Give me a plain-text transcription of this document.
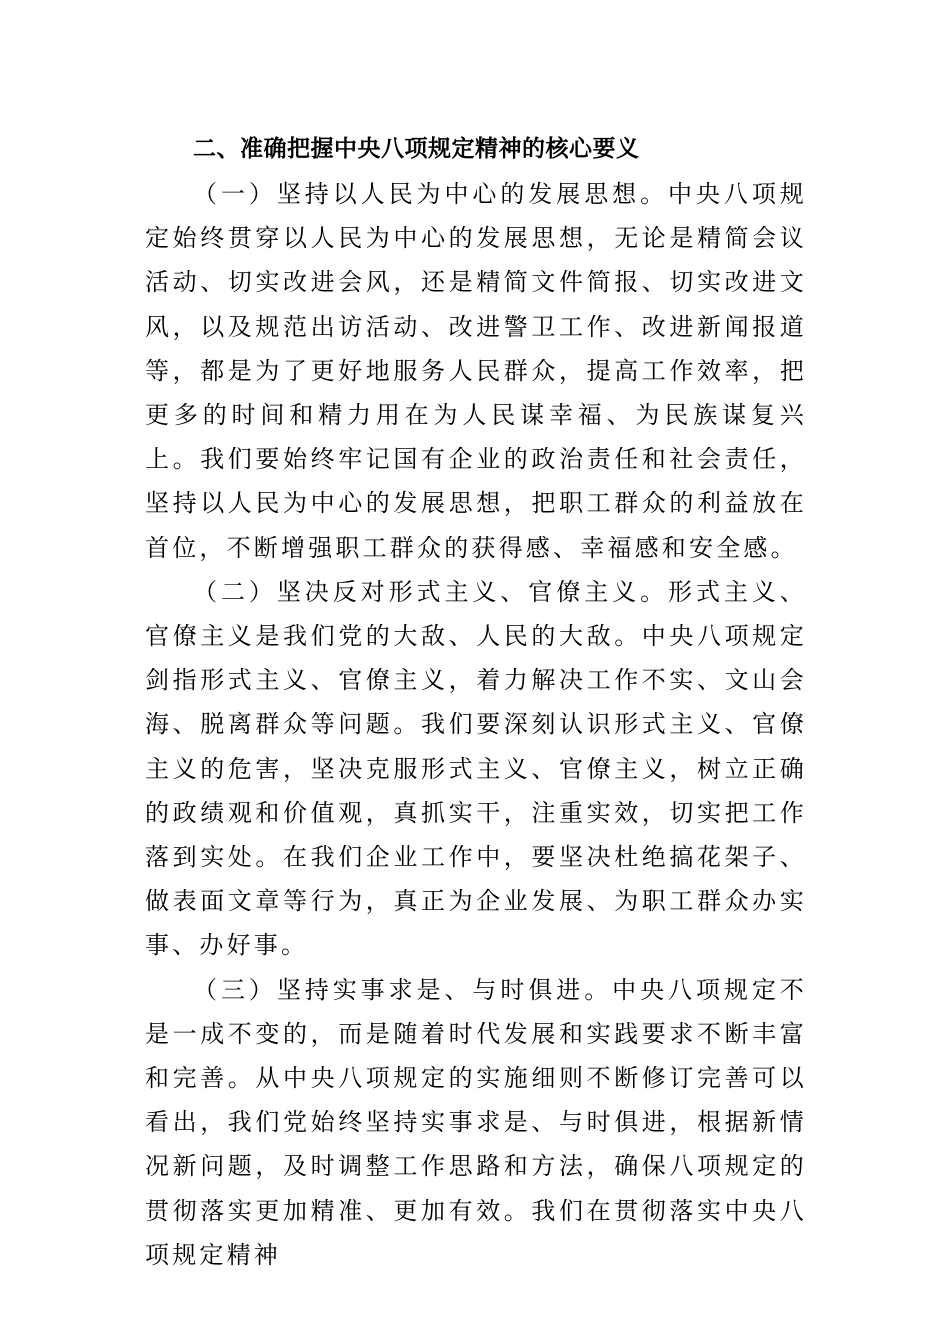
二、准确把握中央八项规定精神的核心要义

（一）坚持以人民为中心的发展思想。中央八项规定始终贯穿以人民为中心的发展思想，无论是精简会议活动、切实改进会风，还是精简文件简报、切实改进文风，以及规范出访活动、改进警卫工作、改进新闻报道等，都是为了更好地服务人民群众，提高工作效率，把更多的时间和精力用在为人民谋幸福、为民族谋复兴上。我们要始终牢记国有企业的政治责任和社会责任，坚持以人民为中心的发展思想，把职工群众的利益放在首位，不断增强职工群众的获得感、幸福感和安全感。

（二）坚决反对形式主义、官僚主义。形式主义、官僚主义是我们党的大敌、人民的大敌。中央八项规定剑指形式主义、官僚主义，着力解决工作不实、文山会海、脱离群众等问题。我们要深刻认识形式主义、官僚主义的危害，坚决克服形式主义、官僚主义，树立正确的政绩观和价值观，真抓实干，注重实效，切实把工作落到实处。在我们企业工作中，要坚决杜绝搞花架子、做表面文章等行为，真正为企业发展、为职工群众办实事、办好事。

（三）坚持实事求是、与时俱进。中央八项规定不是一成不变的，而是随着时代发展和实践要求不断丰富和完善。从中央八项规定的实施细则不断修订完善可以看出，我们党始终坚持实事求是、与时俱进，根据新情况新问题，及时调整工作思路和方法，确保八项规定的贯彻落实更加精准、更加有效。我们在贯彻落实中央八项规定精神
